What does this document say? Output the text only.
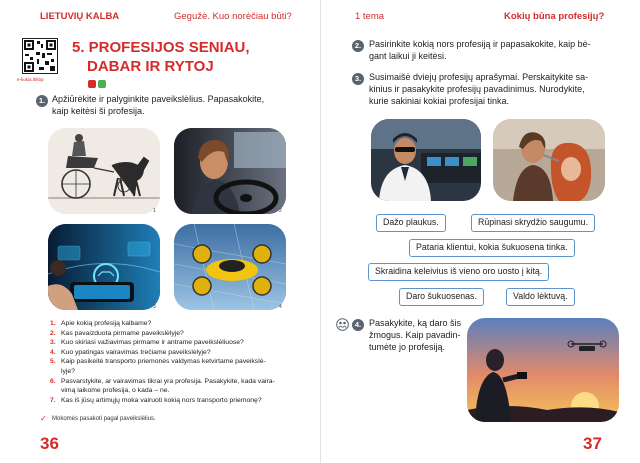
LIETUVIŲ KALBA	Gegužė. Kuo norėčiau būti?
e-kokia.lt/kbp
5. PROFESIJOS SENIAU,
DABAR IR RYTOJ
1. Apžiūrėkite ir palyginkite paveikslėlius. Papasakokite,
kaip keitėsi ši profesija.
1	2
3	4
1. Apie kokią profesiją kalbame?
2. Kas pavaizduota pirmame paveikslėlyje?
3. Kuo skiriasi važiavimas pirmame ir antrame paveikslėliuose?
4. Kuo ypatingas vairavimas trečiame paveikslėlyje?
5. Kaip pasikeitė transporto priemonės valdymas ketvirtame paveikslė-
lyje?
6. Pasvarstykite, ar vairavimas tikrai yra profesija. Pasakykite, kada vaira-
vimą laikome profesija, o kada – ne.
7. Kas iš jūsų artimųjų moka vairuoti kokią nors transporto priemonę?
✓ Mokomės pasakoti pagal paveikslėlius.
36
1 tema	Kokių būna profesijų?
2. Pasirinkite kokią nors profesiją ir papasakokite, kaip bė-
gant laikui ji keitėsi.
3. Susimaišė dviejų profesijų aprašymai. Perskaitykite sa-
kinius ir pasakykite profesijų pavadinimus. Nurodykite,
kurie sakiniai kokiai profesijai tinka.
Dažo plaukus.	Rūpinasi skrydžio saugumu.
Pataria klientui, kokia šukuosena tinka.
Skraidina keleivius iš vieno oro uosto į kitą.
Daro šukuosenas.	Valdo lėktuvą.
4. Pasakykite, ką daro šis
žmogus. Kaip pavadin-
tumėte jo profesiją.
37
